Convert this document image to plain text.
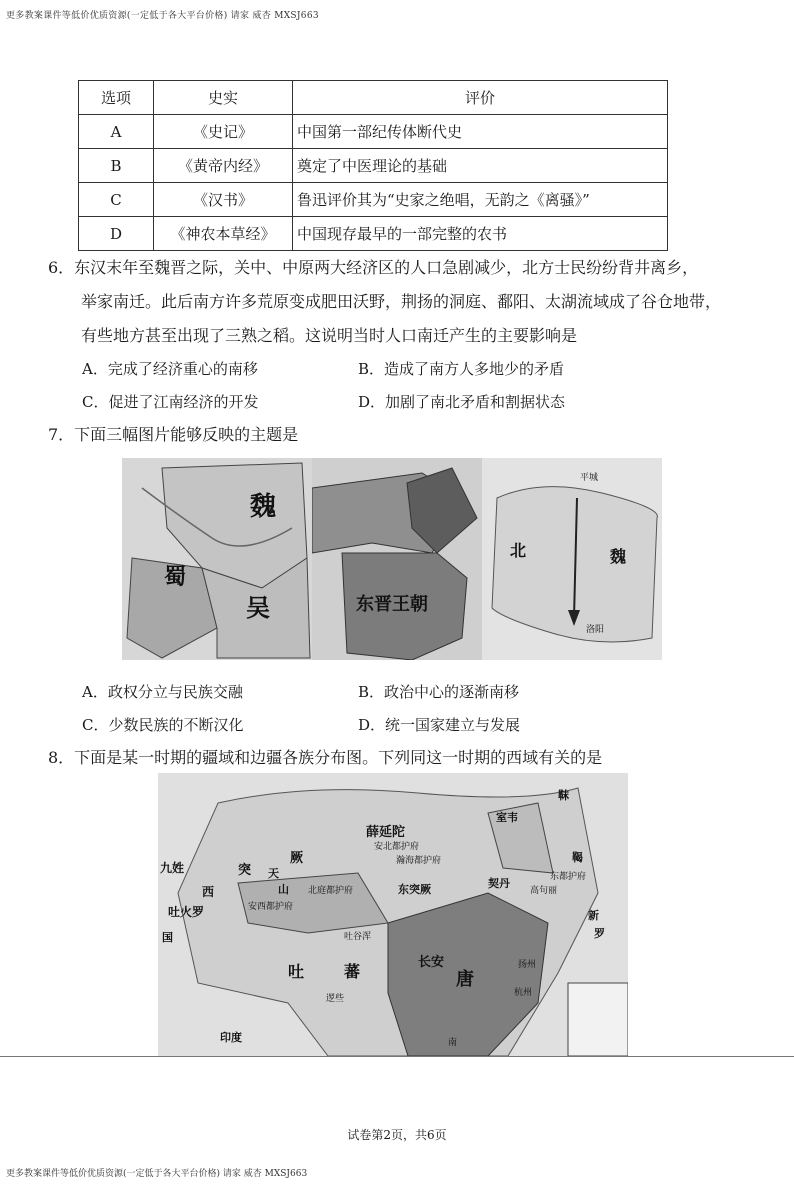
更多教案课件等低价优质资源(一定低于各大平台价格) 请家 威杏 MXSJ663
选项	史实	评价
A	《史记》	中国第一部纪传体断代史
B	《黄帝内经》	奠定了中医理论的基础
C	《汉书》	鲁迅评价其为“史家之绝唱，无韵之《离骚》”
D	《神农本草经》	中国现存最早的一部完整的农书
6．东汉末年至魏晋之际，关中、中原两大经济区的人口急剧减少，北方士民纷纷背井离乡，
举家南迁。此后南方许多荒原变成肥田沃野，荆扬的洞庭、鄱阳、太湖流域成了谷仓地带，
有些地方甚至出现了三熟之稻。这说明当时人口南迁产生的主要影响是
A．完成了经济重心的南移	B．造成了南方人多地少的矛盾
C．促进了江南经济的开发	D．加剧了南北矛盾和割据状态
7．下面三幅图片能够反映的主题是
魏
蜀
吴	东晋王朝
平城
北	魏
洛阳
A．政权分立与民族交融	B．政治中心的逐渐南移
C．少数民族的不断汉化	D．统一国家建立与发展
8．下面是某一时期的疆域和边疆各族分布图。下列同这一时期的西域有关的是
薛延陀
安北都护府
瀚海都护府
九姓
吐火罗
突
厥
天
山
西	北庭都护府
安西都护府
东突厥	契丹
室韦
靺
鞨
高句丽
东都护府
新
罗
吐谷浑
吐 蕃
逻些
长安
唐
扬州
杭州
印度
国
南
试卷第2页，共6页
更多教案课件等低价优质资源(一定低于各大平台价格) 请家 威杏 MXSJ663
